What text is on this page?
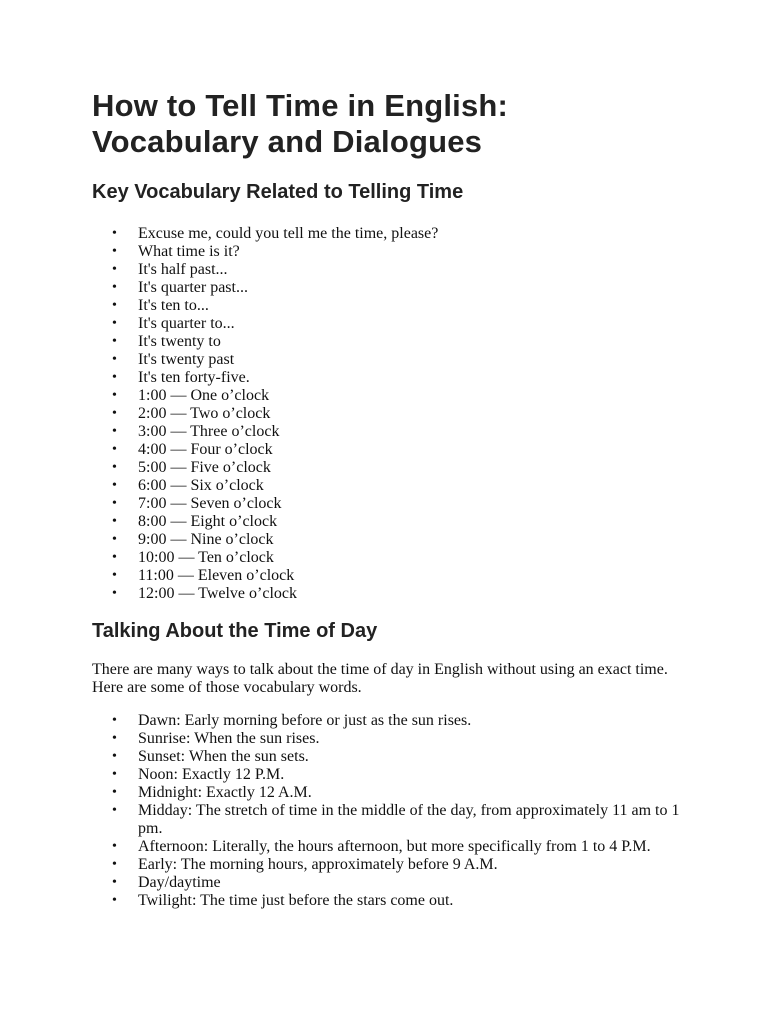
How to Tell Time in English:
Vocabulary and Dialogues
Key Vocabulary Related to Telling Time
• Excuse me, could you tell me the time, please?
• What time is it?
• It's half past...
• It's quarter past...
• It's ten to...
• It's quarter to...
• It's twenty to
• It's twenty past
• It's ten forty-five.
• 1:00 — One o’clock
• 2:00 — Two o’clock
• 3:00 — Three o’clock
• 4:00 — Four o’clock
• 5:00 — Five o’clock
• 6:00 — Six o’clock
• 7:00 — Seven o’clock
• 8:00 — Eight o’clock
• 9:00 — Nine o’clock
• 10:00 — Ten o’clock
• 11:00 — Eleven o’clock
• 12:00 — Twelve o’clock
Talking About the Time of Day

There are many ways to talk about the time of day in English without using an exact time. Here are some of those vocabulary words.

• Dawn: Early morning before or just as the sun rises.
• Sunrise: When the sun rises.
• Sunset: When the sun sets.
• Noon: Exactly 12 P.M.
• Midnight: Exactly 12 A.M.
• Midday: The stretch of time in the middle of the day, from approximately 11 am to 1 pm.
• Afternoon: Literally, the hours afternoon, but more specifically from 1 to 4 P.M.
• Early: The morning hours, approximately before 9 A.M.
• Day/daytime
• Twilight: The time just before the stars come out.
